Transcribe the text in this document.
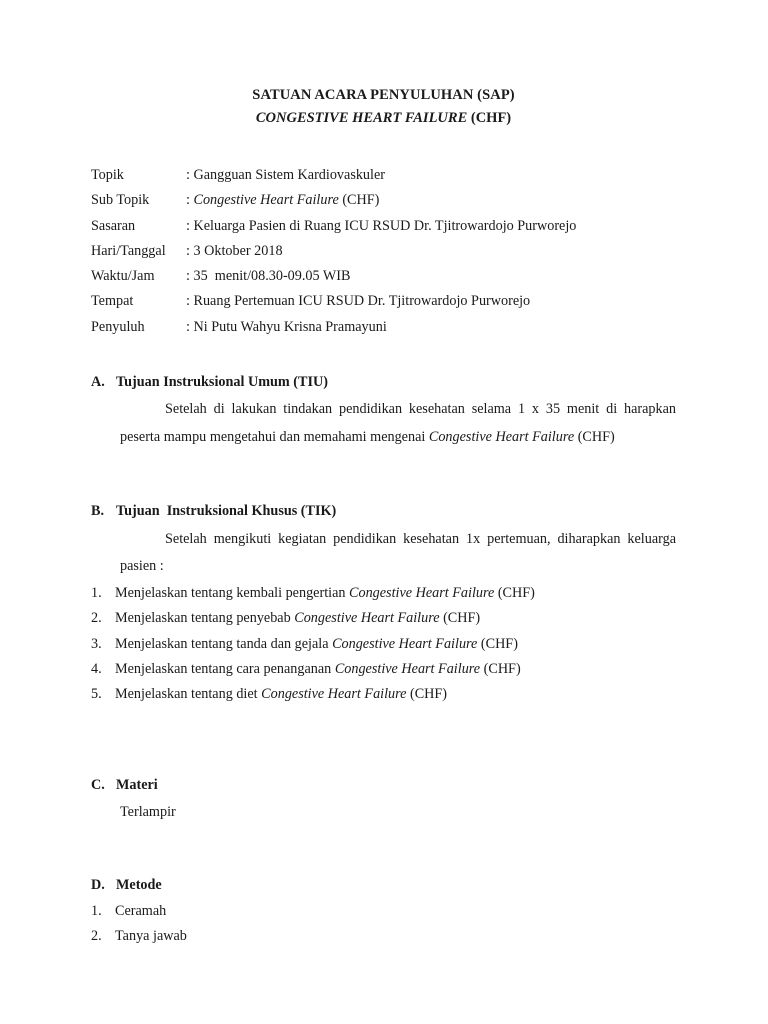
SATUAN ACARA PENYULUHAN (SAP)
CONGESTIVE HEART FAILURE (CHF)
Topik	: Gangguan Sistem Kardiovaskuler
Sub Topik	: Congestive Heart Failure (CHF)
Sasaran	: Keluarga Pasien di Ruang ICU RSUD Dr. Tjitrowardojo Purworejo
Hari/Tanggal	: 3 Oktober 2018
Waktu/Jam	: 35  menit/08.30-09.05 WIB
Tempat	: Ruang Pertemuan ICU RSUD Dr. Tjitrowardojo Purworejo
Penyuluh	: Ni Putu Wahyu Krisna Pramayuni
A. Tujuan Instruksional Umum (TIU)

Setelah di lakukan tindakan pendidikan kesehatan selama 1 x 35 menit di harapkan peserta mampu mengetahui dan memahami mengenai Congestive Heart Failure (CHF)

B. Tujuan  Instruksional Khusus (TIK)

Setelah mengikuti kegiatan pendidikan kesehatan 1x pertemuan, diharapkan keluarga pasien :

1. Menjelaskan tentang kembali pengertian Congestive Heart Failure (CHF)
2. Menjelaskan tentang penyebab Congestive Heart Failure (CHF)
3. Menjelaskan tentang tanda dan gejala Congestive Heart Failure (CHF)
4. Menjelaskan tentang cara penanganan Congestive Heart Failure (CHF)
5. Menjelaskan tentang diet Congestive Heart Failure (CHF)
C. Materi

Terlampir

D. Metode
1. Ceramah
2. Tanya jawab
